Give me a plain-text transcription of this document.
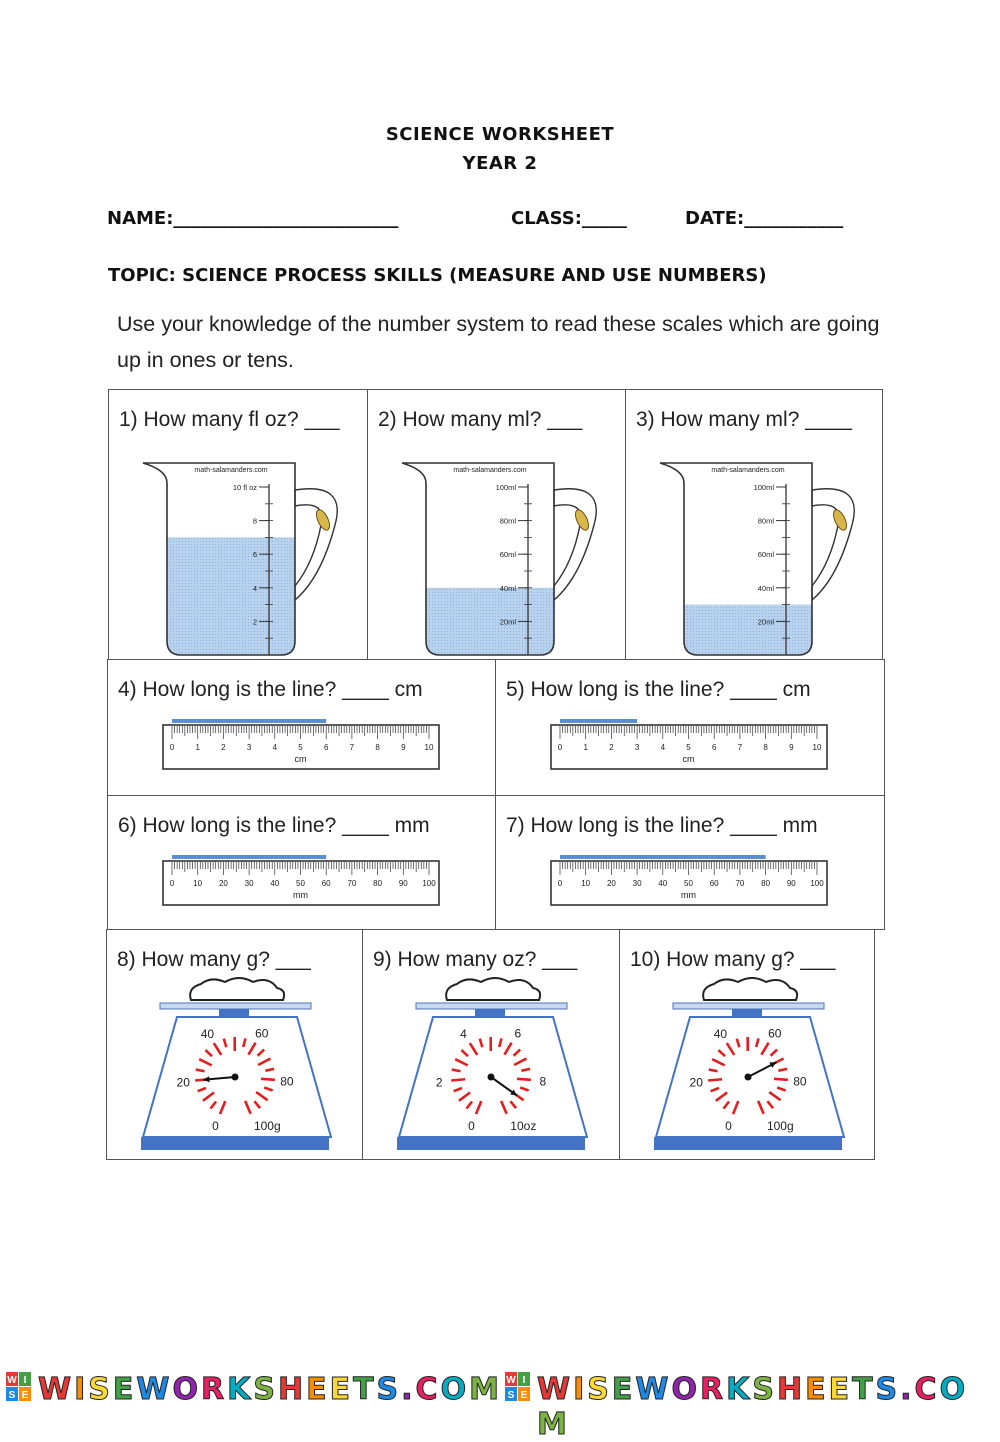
SCIENCE WORKSHEET
YEAR 2
NAME:_________________________	CLASS:_____	DATE:___________
TOPIC: SCIENCE PROCESS SKILLS (MEASURE AND USE NUMBERS)
Use your knowledge of the number system to read these scales which are going up in ones or tens.
1) How many fl oz? ___
math-salamanders.com
2
4
6
8
10 fl oz
2) How many ml? ___
math-salamanders.com
20ml
40ml
60ml
80ml
100ml
3) How many ml? ____
math-salamanders.com
20ml
40ml
60ml
80ml
100ml
4) How long is the line? ____ cm
0	1	2	3	4	5	6	7	8	9 10
cm
5) How long is the line? ____ cm
0	1	2	3	4	5	6	7	8	9 10
cm
6) How long is the line? ____ mm
0 10 20 30 40 50 60 70 80 90 100
mm
7) How long is the line? ____ mm
0 10 20 30 40 50 60 70 80 90 100
mm
8) How many g? ___
0
20
40	60
80
100g
9) How many oz? ___
0
2
4	6
8
10oz
10) How many g? ___
0
20
40	60
80
100g
W I
S E WISEWORKSHEETS.COM W I
S E WISEWORKSHEETS.COM
